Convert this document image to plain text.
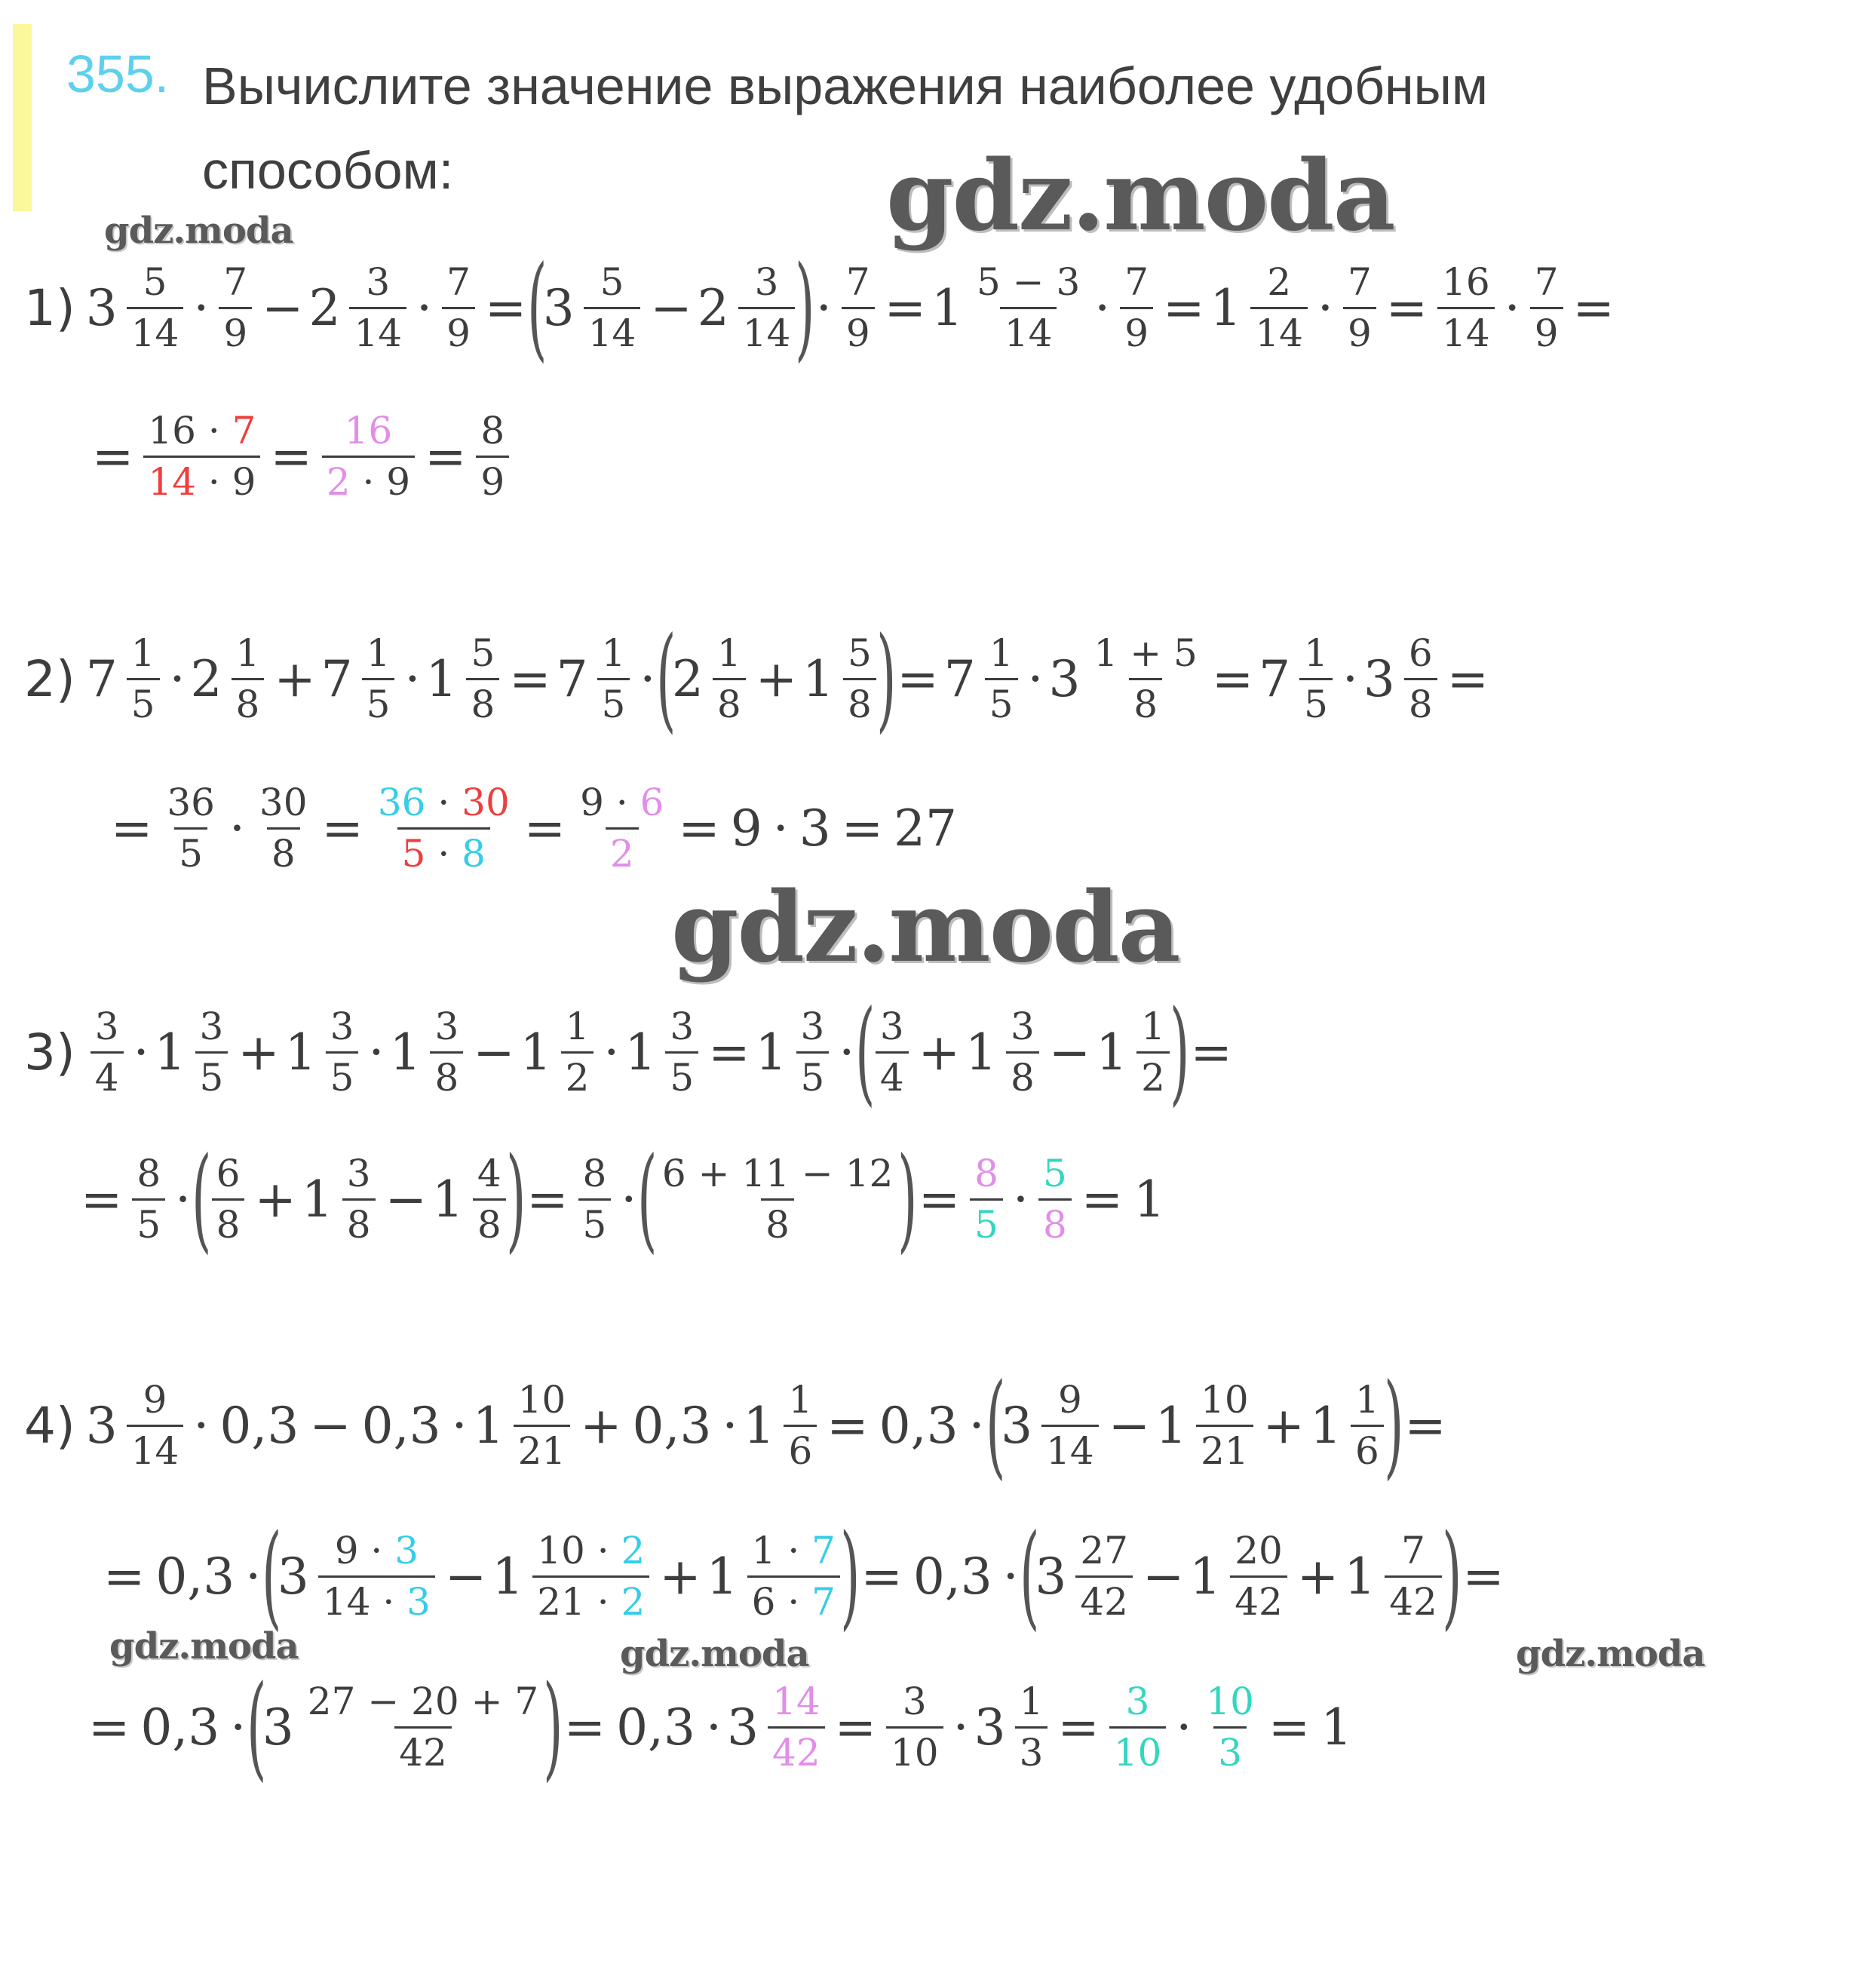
355. Вычислите значение выражения наиболее удобным способом:	gdz.moda
gdz.moda
gdz.moda
gdz.moda	gdz.moda	gdz.moda
1) $3 \frac{5}{14} \cdot \frac{7}{9} - 2 \frac{3}{14} \cdot \frac{7}{9}$ = (
$3 \frac{5}{14} - 2 \frac{3}{14}$ ) · $\frac{7}{9} = 1 \frac{5 - 3}{14} \cdot \frac{7}{9} = 1 \frac{2}{14} \cdot \frac{7}{9} = \frac{16}{14} \cdot \frac{7}{9}$ =
= $\frac{16 \cdot 7}{14 \cdot 9} = \frac{16}{2 \cdot 9} = \frac{8}{9}$
2) $7 \frac{1}{5} \cdot 2 \frac{1}{8} + 7 \frac{1}{5} \cdot 1 \frac{5}{8} = 7 \frac{1}{5}$ · (
$2 \frac{1}{8} + 1 \frac{5}{8}$ ) = $7 \frac{1}{5} \cdot 3 \frac{1 + 5}{8} = 7 \frac{1}{5} \cdot 3 \frac{6}{8}$ =
= $\frac{36}{5} \cdot \frac{30}{8} = \frac{36 \cdot 30}{5 \cdot 8} = \frac{9 \cdot 6}{2} = 9 \cdot 3 = 27$
$3) \frac{3}{4} \cdot 1 \frac{3}{5} + 1 \frac{3}{5} \cdot 1 \frac{3}{8} - 1 \frac{1}{2} \cdot 1 \frac{3}{5} = 1 \frac{3}{5}$ · ( $\frac{3}{4} + 1 \frac{3}{8} - 1 \frac{1}{2}$ ) =
= $\frac{8}{5}$ · ( $\frac{6}{8} + 1 \frac{3}{8} - 1 \frac{4}{8}$ ) = $\frac{8}{5}$ · ( $\frac{6 + 11 - 12}{8}$ ) = $\frac{8}{5} \cdot \frac{5}{8} = 1$
4) $3 \frac{9}{14} \cdot 0,3 - 0,3 \cdot 1 \frac{10}{21} + 0,3 \cdot 1 \frac{1}{6} = 0,3$ · (
$3 \frac{9}{14} - 1 \frac{10}{21} + 1 \frac{1}{6}$ ) =
= 0,3 · (
$3 \frac{9 \cdot 3}{14 \cdot 3} - 1 \frac{10 \cdot 2}{21 \cdot 2} + 1 \frac{1 \cdot 7}{6 \cdot 7}$ ) = 0,3 · (
$3 \frac{27}{42} - 1 \frac{20}{42} + 1 \frac{7}{42}$ ) =
= 0,3 · (
$3 \frac{27 - 20 + 7}{42}$ ) = $0,3 \cdot 3 \frac{14}{42} = \frac{3}{10} \cdot 3 \frac{1}{3} = \frac{3}{10} \cdot \frac{10}{3} = 1$
